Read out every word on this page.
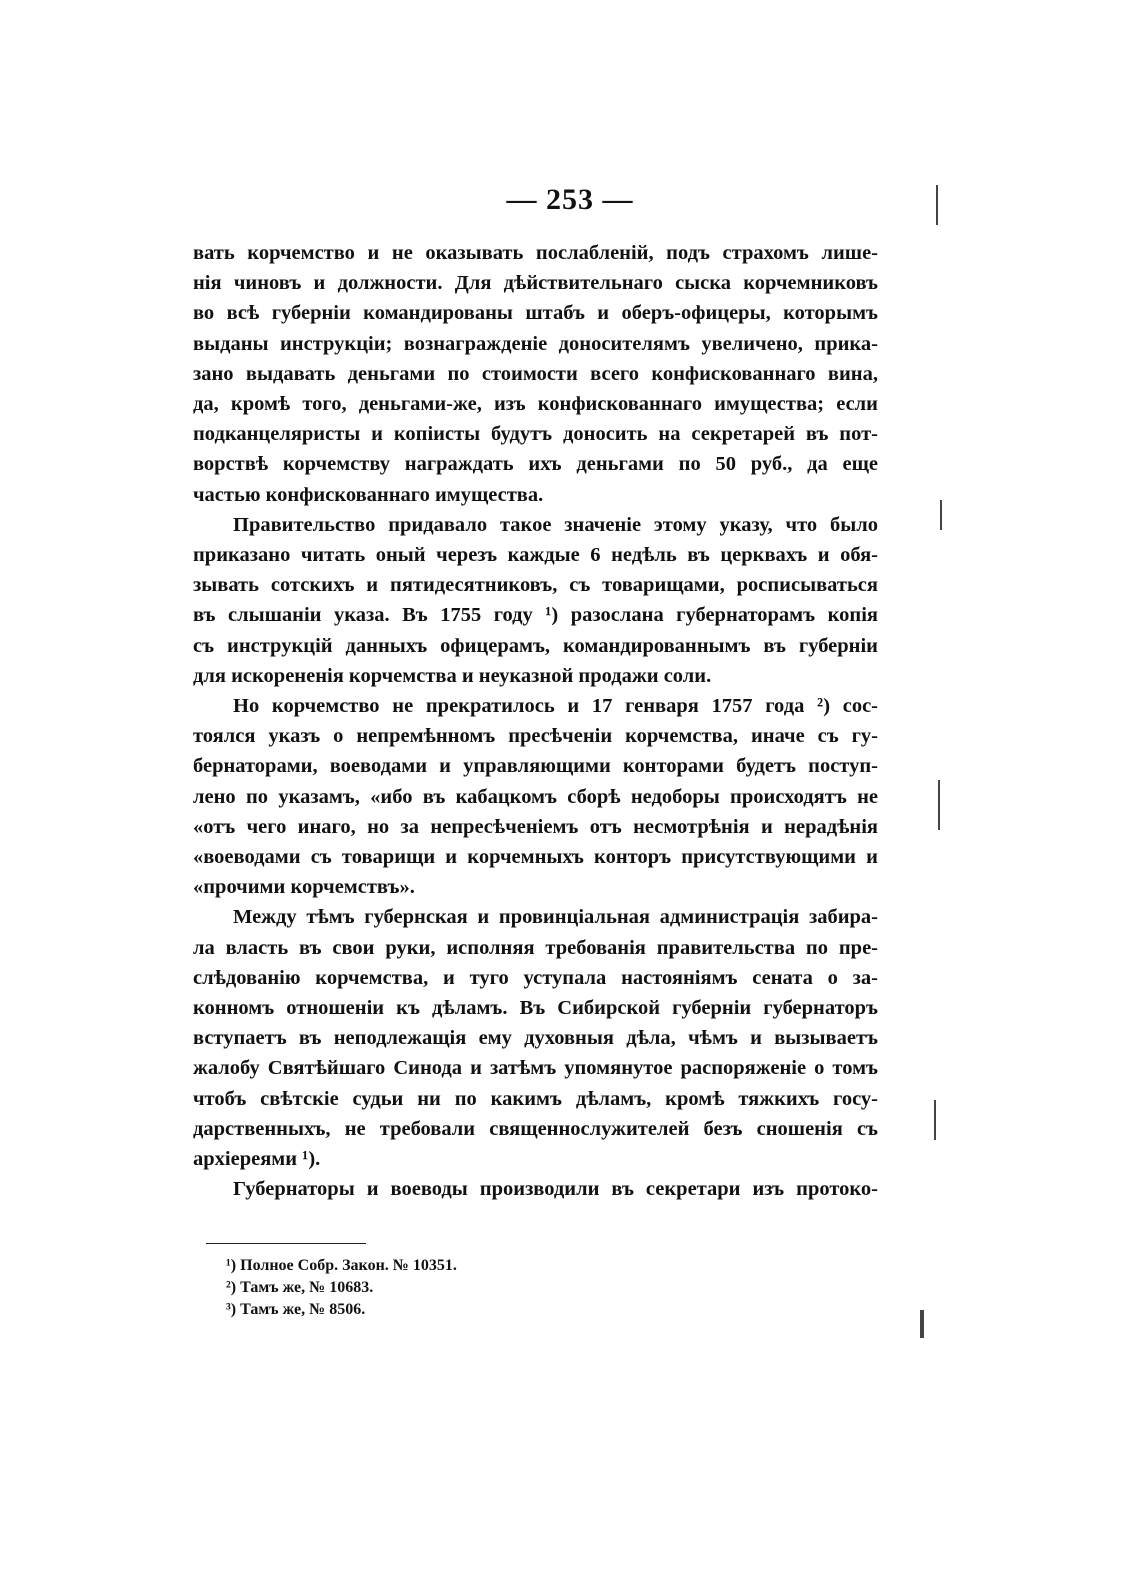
— 253 —

вать корчемство и не оказывать послабленій, подъ страхомъ лише-
нія чиновъ и должности. Для дѣйствительнаго сыска корчемниковъ
во всѣ губерніи командированы штабъ и оберъ-офицеры, которымъ
выданы инструкціи; вознагражденіе доносителямъ увеличено, прика-
зано выдавать деньгами по стоимости всего конфискованнаго вина,
да, кромѣ того, деньгами-же, изъ конфискованнаго имущества; если
подканцеляристы и копіисты будутъ доносить на секретарей въ пот-
ворствѣ корчемству награждать ихъ деньгами по 50 руб., да еще
частью конфискованнаго имущества.

Правительство придавало такое значеніе этому указу, что было
приказано читать оный черезъ каждые 6 недѣль въ церквахъ и обя-
зывать сотскихъ и пятидесятниковъ, съ товарищами, росписываться
въ слышаніи указа. Въ 1755 году ¹) разослана губернаторамъ копія
съ инструкцій данныхъ офицерамъ, командированнымъ въ губерніи
для искорененія корчемства и неуказной продажи соли.

Но корчемство не прекратилось и 17 генваря 1757 года ²) сос-
тоялся указъ о непремѣнномъ пресѣченіи корчемства, иначе съ гу-
бернаторами, воеводами и управляющими конторами будетъ поступ-
лено по указамъ, «ибо въ кабацкомъ сборѣ недоборы происходятъ не
«отъ чего инаго, но за непресѣченіемъ отъ несмотрѣнія и нерадѣнія
«воеводами съ товарищи и корчемныхъ конторъ присутствующими и
«прочими корчемствъ».

Между тѣмъ губернская и провинціальная администрація забира-
ла власть въ свои руки, исполняя требованія правительства по пре-
слѣдованію корчемства, и туго уступала настояніямъ сената о за-
конномъ отношеніи къ дѣламъ. Въ Сибирской губерніи губернаторъ
вступаетъ въ неподлежащія ему духовныя дѣла, чѣмъ и вызываетъ
жалобу Святѣйшаго Синода и затѣмъ упомянутое распоряженіе о томъ
чтобъ свѣтскіе судьи ни по какимъ дѣламъ, кромѣ тяжкихъ госу-
дарственныхъ, не требовали священнослужителей безъ сношенія съ
архіереями ¹).

Губернаторы и воеводы производили въ секретари изъ протоко-

¹) Полное Собр. Закон. № 10351.
²) Тамъ же, № 10683.
³) Тамъ же, № 8506.
